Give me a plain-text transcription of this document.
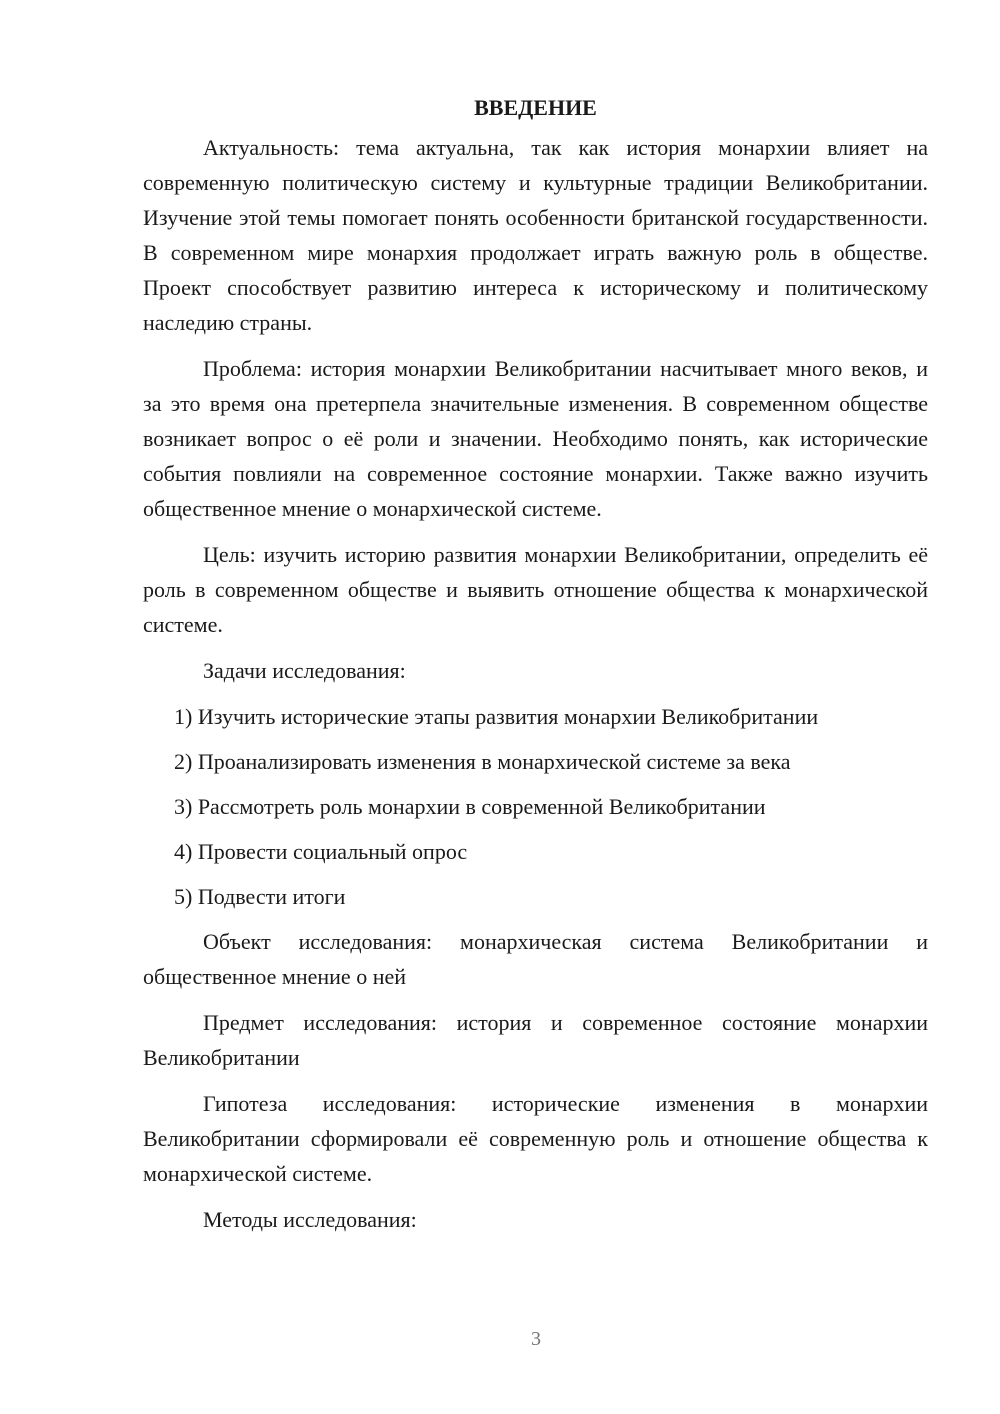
ВВЕДЕНИЕ

Актуальность: тема актуальна, так как история монархии влияет на современную политическую систему и культурные традиции Великобритании. Изучение этой темы помогает понять особенности британской государственности. В современном мире монархия продолжает играть важную роль в обществе. Проект способствует развитию интереса к историческому и политическому наследию страны.

Проблема: история монархии Великобритании насчитывает много веков, и за это время она претерпела значительные изменения. В современном обществе возникает вопрос о её роли и значении. Необходимо понять, как исторические события повлияли на современное состояние монархии. Также важно изучить общественное мнение о монархической системе.

Цель: изучить историю развития монархии Великобритании, определить её роль в современном обществе и выявить отношение общества к монархической системе.

Задачи исследования:

1) Изучить исторические этапы развития монархии Великобритании

2) Проанализировать изменения в монархической системе за века

3) Рассмотреть роль монархии в современной Великобритании

4) Провести социальный опрос

5) Подвести итоги

Объект исследования: монархическая система Великобритании и общественное мнение о ней

Предмет исследования: история и современное состояние монархии Великобритании

Гипотеза исследования: исторические изменения в монархии Великобритании сформировали её современную роль и отношение общества к монархической системе.

Методы исследования:

3
